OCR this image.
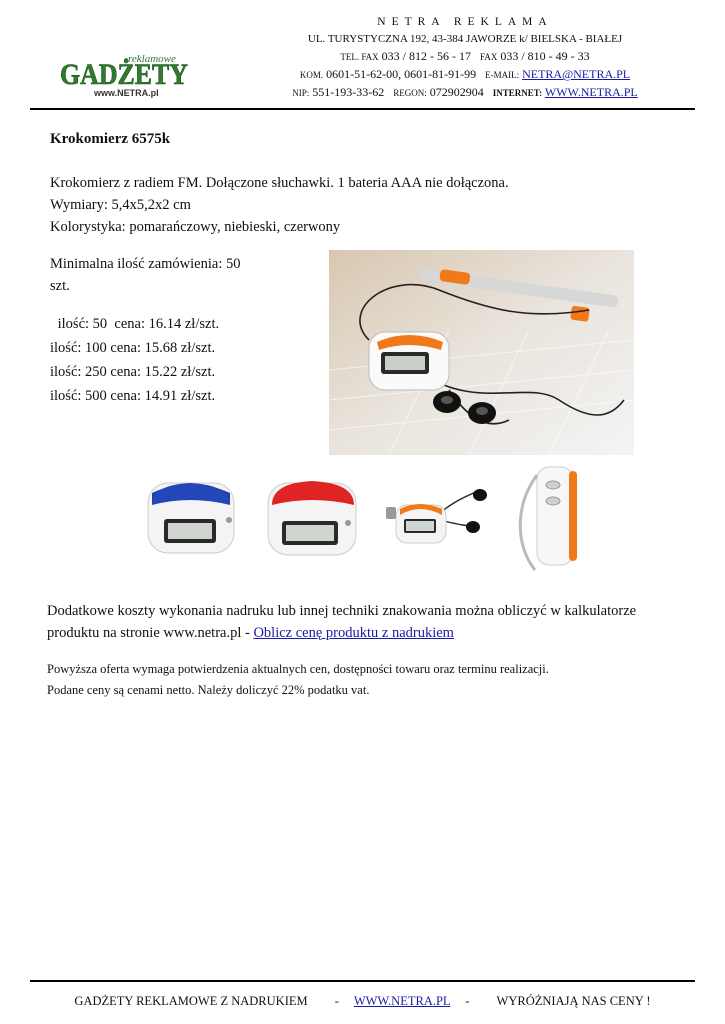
reklamowe
GADŻETY
www.NETRA.pl
NETRA REKLAMA
UL. TURYSTYCZNA 192, 43-384 JAWORZE k/ BIELSKA - BIAŁEJ
TEL. FAX 033 / 812 - 56 - 17 FAX 033 / 810 - 49 - 33
KOM. 0601-51-62-00, 0601-81-91-99 E-MAIL: NETRA@NETRA.PL
NIP: 551-193-33-62 REGON: 072902904 INTERNET: WWW.NETRA.PL
Krokomierz 6575k
Krokomierz z radiem FM. Dołączone słuchawki. 1 bateria AAA nie dołączona.
Wymiary: 5,4x5,2x2 cm
Kolorystyka: pomarańczowy, niebieski, czerwony
Minimalna ilość zamówienia: 50 szt.
ilość: 50  cena: 16.14 zł/szt.
ilość: 100 cena: 15.68 zł/szt.
ilość: 250 cena: 15.22 zł/szt.
ilość: 500 cena: 14.91 zł/szt.
Dodatkowe koszty wykonania nadruku lub innej techniki znakowania można obliczyć w kalkulatorze produktu na stronie www.netra.pl - Oblicz cenę produktu z nadrukiem
Powyższa oferta wymaga potwierdzenia aktualnych cen, dostępności towaru oraz terminu realizacji.
Podane ceny są cenami netto. Należy doliczyć 22% podatku vat.
GADŻETY REKLAMOWE Z NADRUKIEM - WWW.NETRA.PL - WYRÓŻNIAJĄ NAS CENY !
